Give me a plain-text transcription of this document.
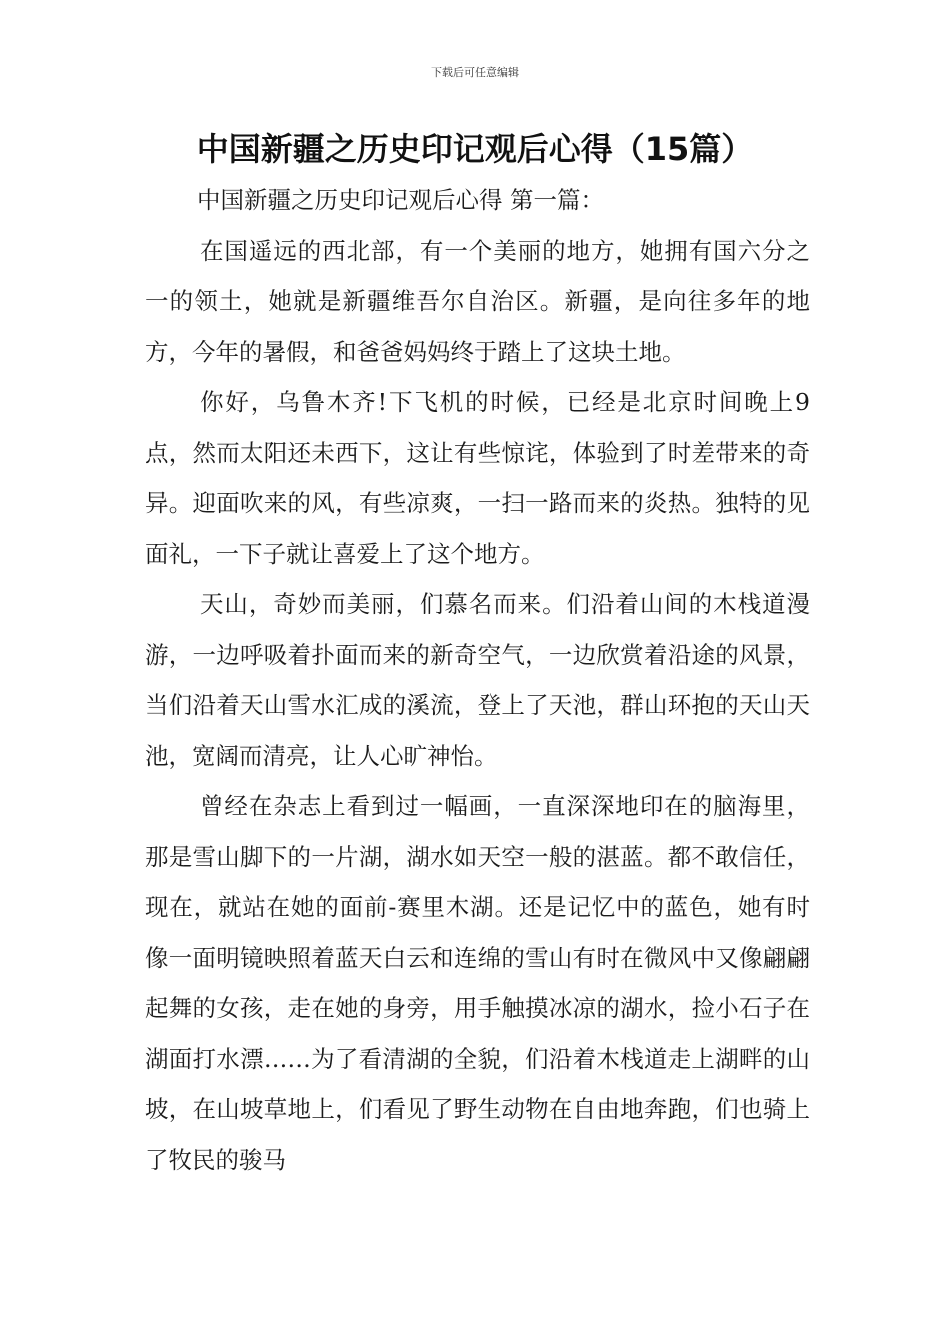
下载后可任意编辑
中国新疆之历史印记观后心得（15篇）

中国新疆之历史印记观后心得 第一篇：

在国遥远的西北部，有一个美丽的地方，她拥有国六分之一的领土，她就是新疆维吾尔自治区。新疆，是向往多年的地方，今年的暑假，和爸爸妈妈终于踏上了这块土地。

你好，乌鲁木齐!下飞机的时候，已经是北京时间晚上9点，然而太阳还未西下，这让有些惊诧，体验到了时差带来的奇异。迎面吹来的风，有些凉爽，一扫一路而来的炎热。独特的见面礼，一下子就让喜爱上了这个地方。

天山，奇妙而美丽，们慕名而来。们沿着山间的木栈道漫游，一边呼吸着扑面而来的新奇空气，一边欣赏着沿途的风景，当们沿着天山雪水汇成的溪流，登上了天池，群山环抱的天山天池，宽阔而清亮，让人心旷神怡。

曾经在杂志上看到过一幅画，一直深深地印在的脑海里，那是雪山脚下的一片湖，湖水如天空一般的湛蓝。都不敢信任，现在，就站在她的面前-赛里木湖。还是记忆中的蓝色，她有时像一面明镜映照着蓝天白云和连绵的雪山有时在微风中又像翩翩起舞的女孩，走在她的身旁，用手触摸冰凉的湖水，捡小石子在湖面打水漂……为了看清湖的全貌，们沿着木栈道走上湖畔的山坡，在山坡草地上，们看见了野生动物在自由地奔跑，们也骑上了牧民的骏马
